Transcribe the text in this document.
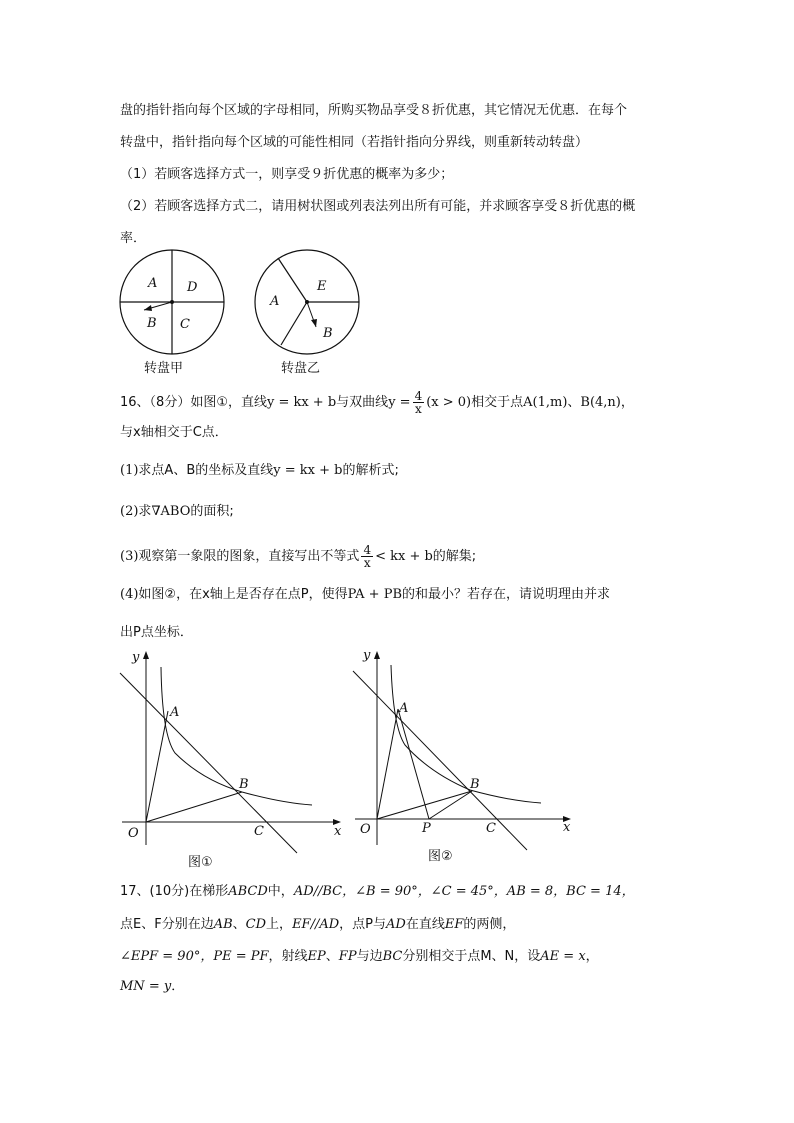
盘的指针指向每个区域的字母相同，所购买物品享受８折优惠，其它情况无优惠．在每个
转盘中，指针指向每个区域的可能性相同（若指针指向分界线，则重新转动转盘）
（1）若顾客选择方式一，则享受９折优惠的概率为多少；
（2）若顾客选择方式二，请用树状图或列表法列出所有可能，并求顾客享受８折优惠的概
率．
A D
B C
转盘甲
A
E
B
转盘乙
16、（8分）如图①，直线y = kx + b与双曲线$y = \frac{4}{x} (x > 0)$相交于点A(1,m)、B(4,n)，
与x轴相交于C点．
(1)求点A、B的坐标及直线y = kx + b的解析式;
(2)求∇ABO的面积;
(3)观察第一象限的图象，直接写出不等式 $\frac{4}{x}$ < kx + b的解集;
(4)如图②，在x轴上是否存在点P，使得PA + PB的和最小？若存在，请说明理由并求
出P点坐标．
y
A
B
O	C	x
图①
y
A
B
O	P	C	x
图②
17、(10分)在梯形ABCD中，AD//BC，∠B = 90°，∠C = 45°，AB = 8，BC = 14，
点E、F分别在边AB、CD上，EF//AD，点P与AD在直线EF的两侧，
∠EPF = 90°，PE = PF，射线EP、FP与边BC分别相交于点M、N，设AE = x，
MN = y．
